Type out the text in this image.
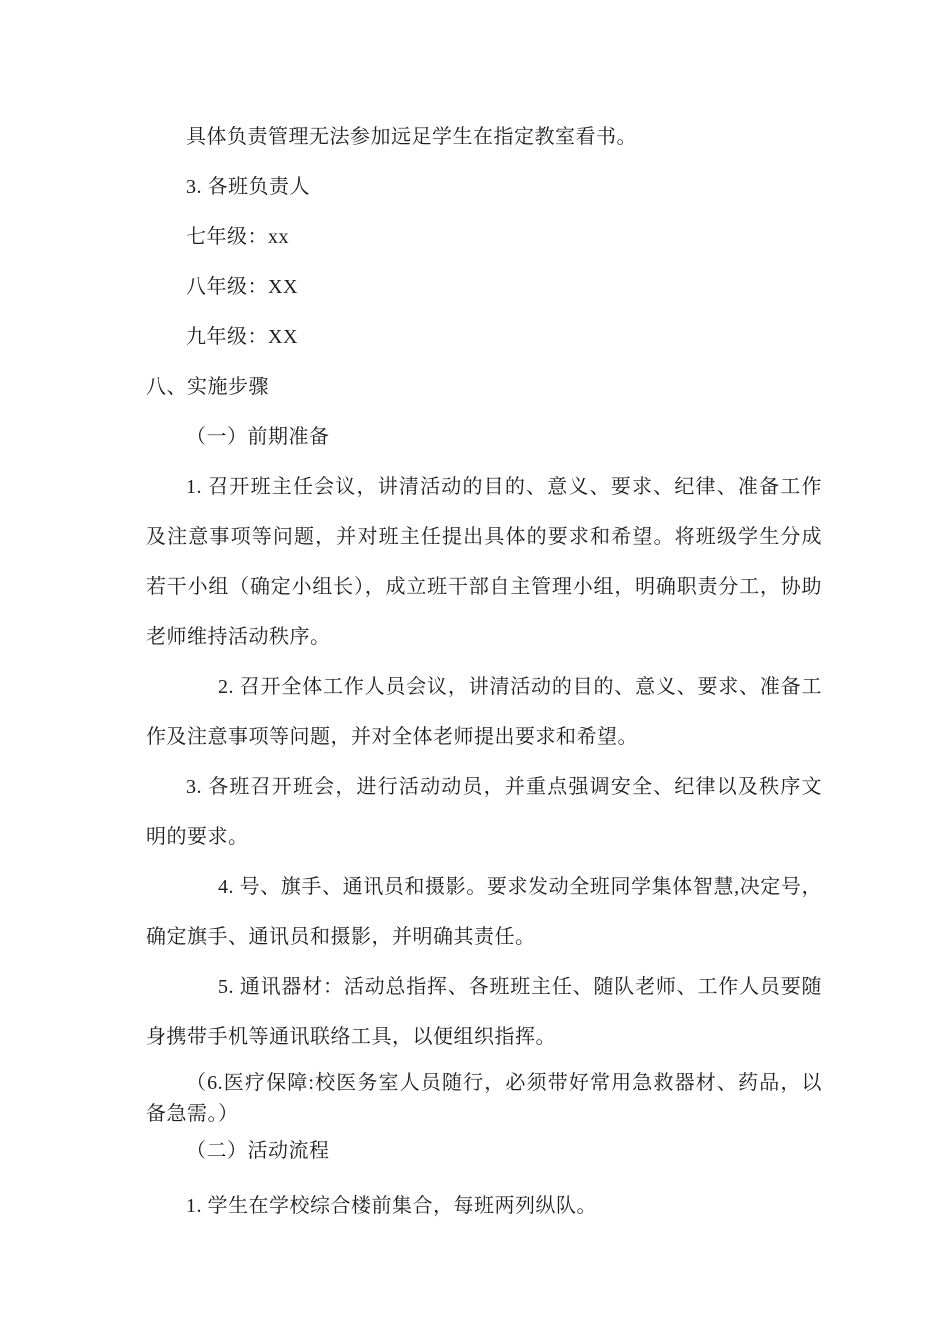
具体负责管理无法参加远足学生在指定教室看书。

3. 各班负责人

七年级：xx

八年级：XX

九年级：XX

八、实施步骤

（一）前期准备

1. 召开班主任会议，讲清活动的目的、意义、要求、纪律、准备工作及注意事项等问题，并对班主任提出具体的要求和希望。将班级学生分成若干小组（确定小组长），成立班干部自主管理小组，明确职责分工，协助老师维持活动秩序。

2. 召开全体工作人员会议，讲清活动的目的、意义、要求、准备工作及注意事项等问题，并对全体老师提出要求和希望。

3. 各班召开班会，进行活动动员，并重点强调安全、纪律以及秩序文明的要求。

4. 号、旗手、通讯员和摄影。要求发动全班同学集体智慧,决定号，确定旗手、通讯员和摄影，并明确其责任。

5. 通讯器材：活动总指挥、各班班主任、随队老师、工作人员要随身携带手机等通讯联络工具，以便组织指挥。

（6.医疗保障:校医务室人员随行，必须带好常用急救器材、药品，以备急需。）

（二）活动流程

1. 学生在学校综合楼前集合，每班两列纵队。
